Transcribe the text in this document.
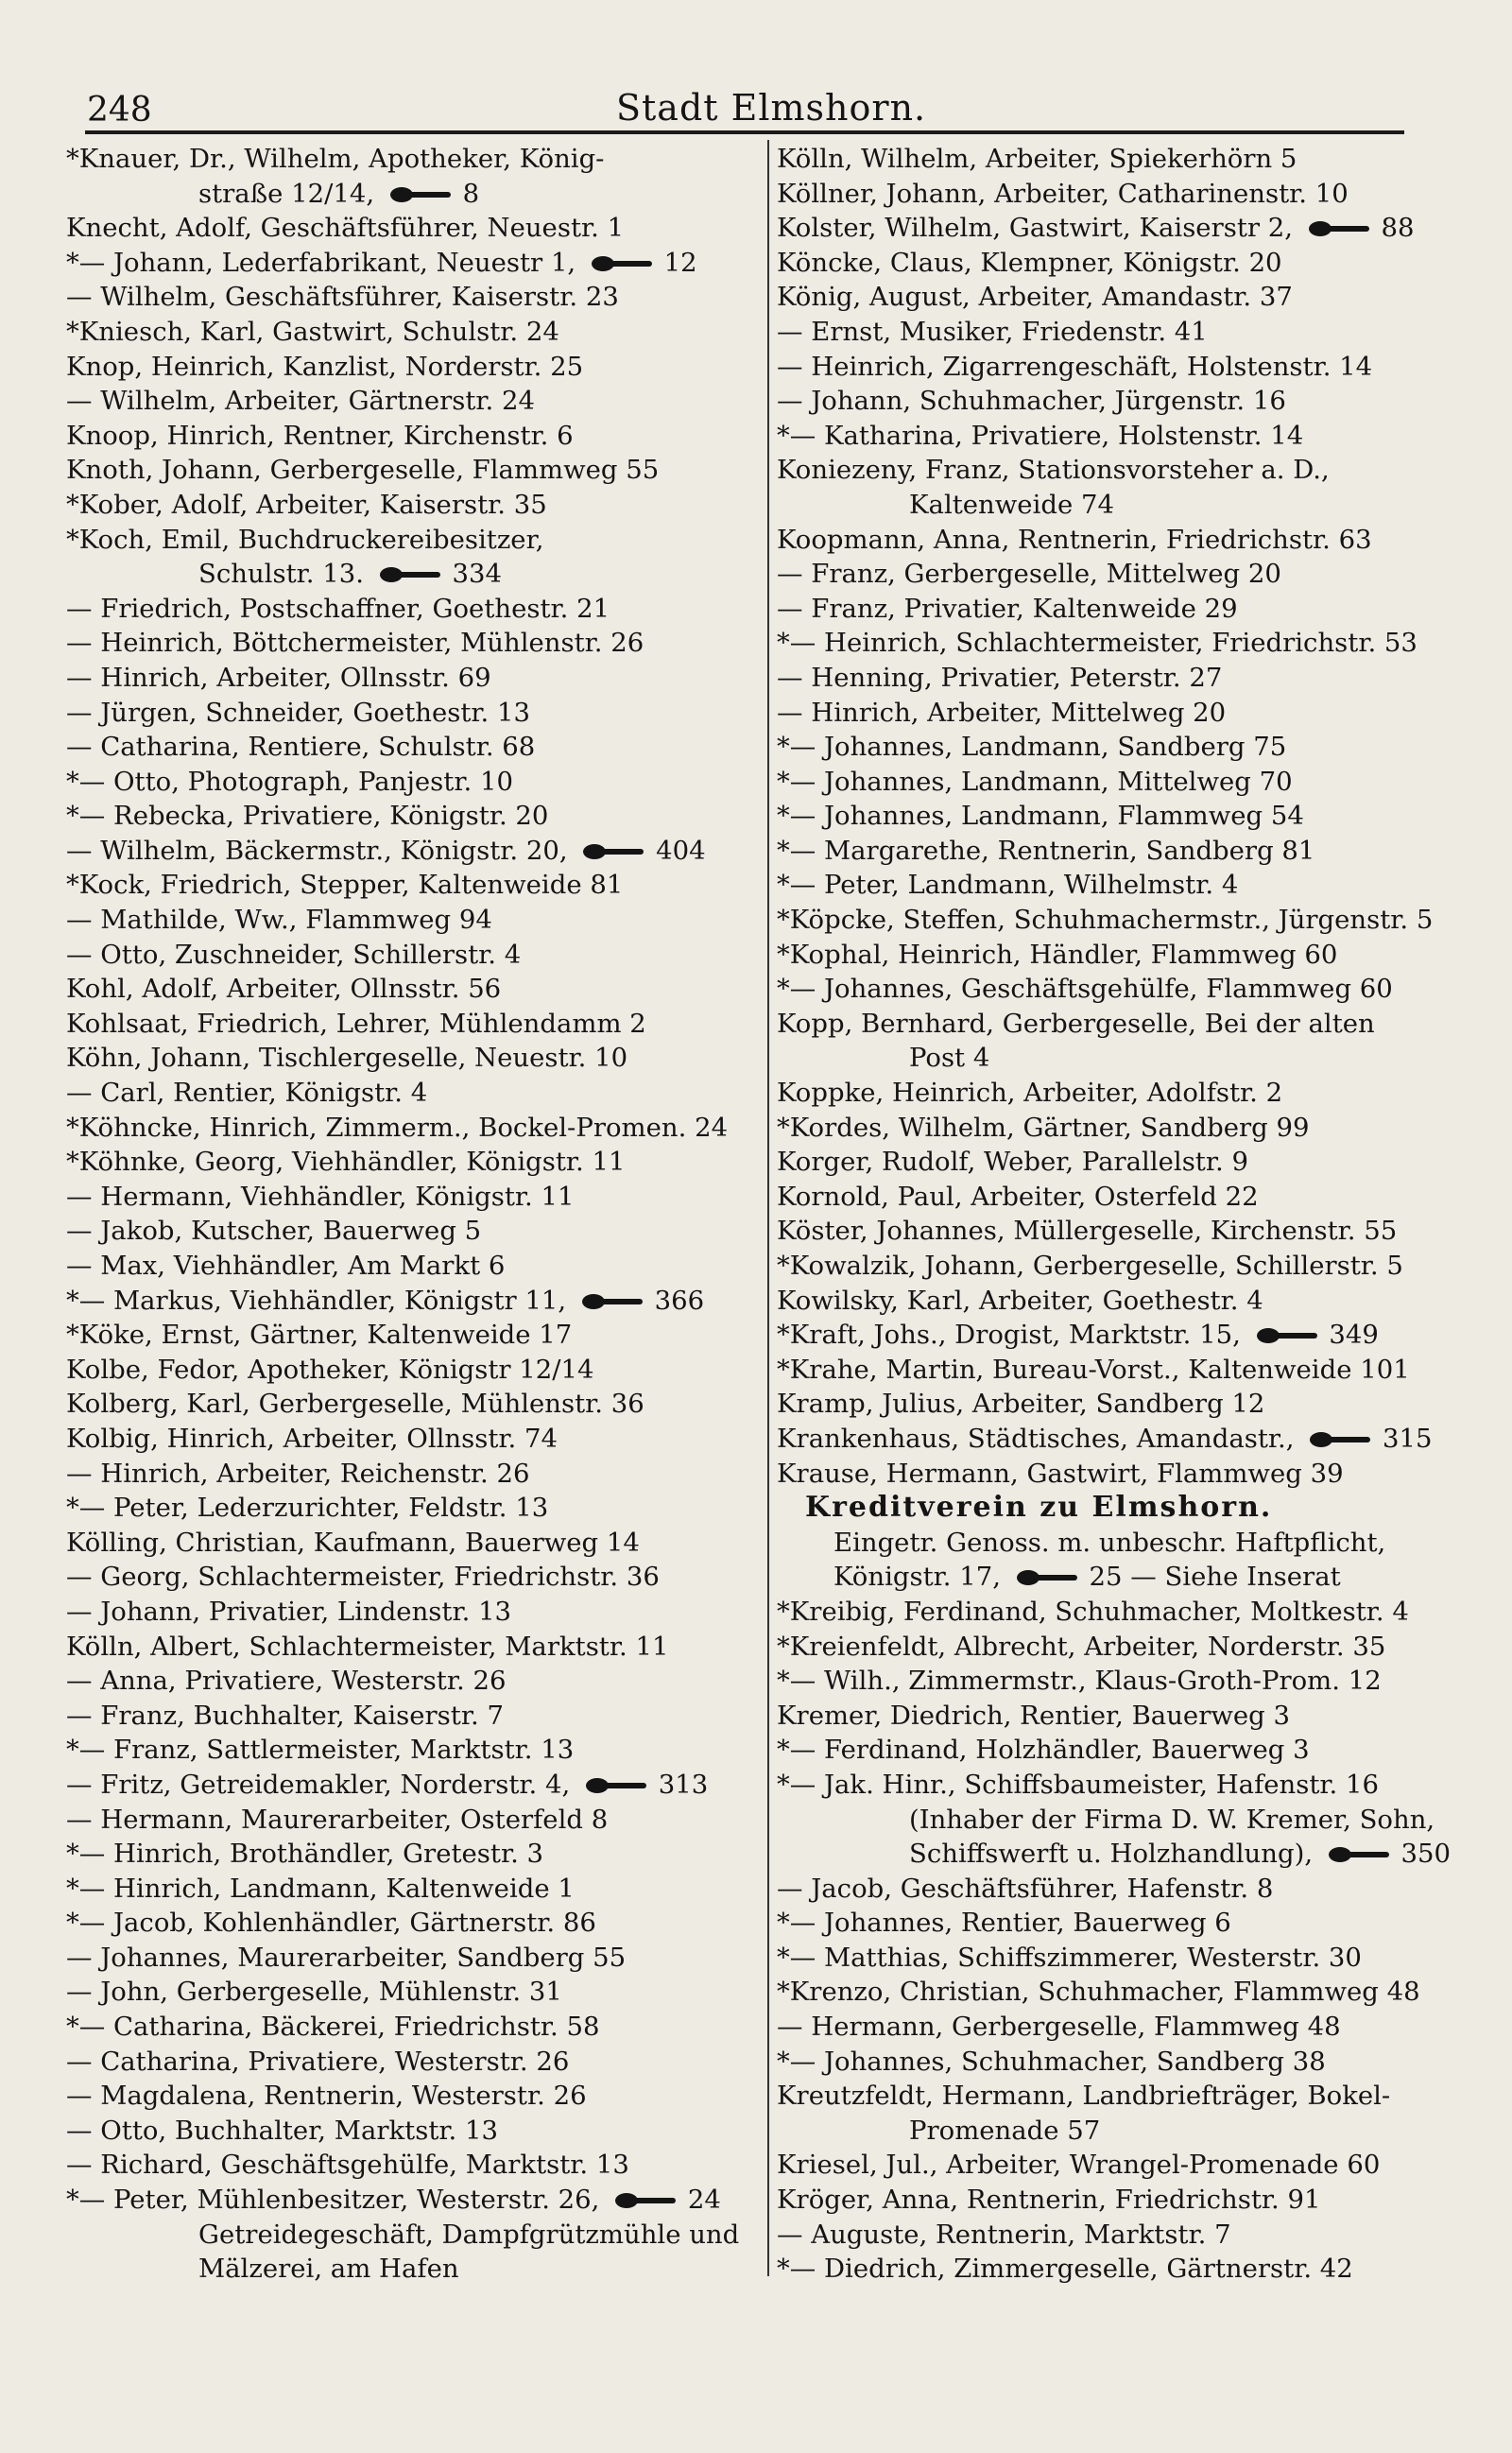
248	Stadt Elmshorn.
*Knauer, Dr., Wilhelm, Apotheker, König-
straße 12/14,	8
Knecht, Adolf, Geschäftsführer, Neuestr. 1
*— Johann, Lederfabrikant, Neuestr 1,	12
— Wilhelm, Geschäftsführer, Kaiserstr. 23
*Kniesch, Karl, Gastwirt, Schulstr. 24
Knop, Heinrich, Kanzlist, Norderstr. 25
— Wilhelm, Arbeiter, Gärtnerstr. 24
Knoop, Hinrich, Rentner, Kirchenstr. 6
Knoth, Johann, Gerbergeselle, Flammweg 55
*Kober, Adolf, Arbeiter, Kaiserstr. 35
*Koch, Emil, Buchdruckereibesitzer,
Schulstr. 13.	334
— Friedrich, Postschaffner, Goethestr. 21
— Heinrich, Böttchermeister, Mühlenstr. 26
— Hinrich, Arbeiter, Ollnsstr. 69
— Jürgen, Schneider, Goethestr. 13
— Catharina, Rentiere, Schulstr. 68
*— Otto, Photograph, Panjestr. 10
*— Rebecka, Privatiere, Königstr. 20
— Wilhelm, Bäckermstr., Königstr. 20,	404
*Kock, Friedrich, Stepper, Kaltenweide 81
— Mathilde, Ww., Flammweg 94
— Otto, Zuschneider, Schillerstr. 4
Kohl, Adolf, Arbeiter, Ollnsstr. 56
Kohlsaat, Friedrich, Lehrer, Mühlendamm 2
Köhn, Johann, Tischlergeselle, Neuestr. 10
— Carl, Rentier, Königstr. 4
*Köhncke, Hinrich, Zimmerm., Bockel-Promen. 24
*Köhnke, Georg, Viehhändler, Königstr. 11
— Hermann, Viehhändler, Königstr. 11
— Jakob, Kutscher, Bauerweg 5
— Max, Viehhändler, Am Markt 6
*— Markus, Viehhändler, Königstr 11,	366
*Köke, Ernst, Gärtner, Kaltenweide 17
Kolbe, Fedor, Apotheker, Königstr 12/14
Kolberg, Karl, Gerbergeselle, Mühlenstr. 36
Kolbig, Hinrich, Arbeiter, Ollnsstr. 74
— Hinrich, Arbeiter, Reichenstr. 26
*— Peter, Lederzurichter, Feldstr. 13
Kölling, Christian, Kaufmann, Bauerweg 14
— Georg, Schlachtermeister, Friedrichstr. 36
— Johann, Privatier, Lindenstr. 13
Kölln, Albert, Schlachtermeister, Marktstr. 11
— Anna, Privatiere, Westerstr. 26
— Franz, Buchhalter, Kaiserstr. 7
*— Franz, Sattlermeister, Marktstr. 13
— Fritz, Getreidemakler, Norderstr. 4,	313
— Hermann, Maurerarbeiter, Osterfeld 8
*— Hinrich, Brothändler, Gretestr. 3
*— Hinrich, Landmann, Kaltenweide 1
*— Jacob, Kohlenhändler, Gärtnerstr. 86
— Johannes, Maurerarbeiter, Sandberg 55
— John, Gerbergeselle, Mühlenstr. 31
*— Catharina, Bäckerei, Friedrichstr. 58
— Catharina, Privatiere, Westerstr. 26
— Magdalena, Rentnerin, Westerstr. 26
— Otto, Buchhalter, Marktstr. 13
— Richard, Geschäftsgehülfe, Marktstr. 13
*— Peter, Mühlenbesitzer, Westerstr. 26,	24
Getreidegeschäft, Dampfgrützmühle und
Mälzerei, am Hafen
Kölln, Wilhelm, Arbeiter, Spiekerhörn 5
Köllner, Johann, Arbeiter, Catharinenstr. 10
Kolster, Wilhelm, Gastwirt, Kaiserstr 2,	88
Köncke, Claus, Klempner, Königstr. 20
König, August, Arbeiter, Amandastr. 37
— Ernst, Musiker, Friedenstr. 41
— Heinrich, Zigarrengeschäft, Holstenstr. 14
— Johann, Schuhmacher, Jürgenstr. 16
*— Katharina, Privatiere, Holstenstr. 14
Koniezeny, Franz, Stationsvorsteher a. D.,
Kaltenweide 74
Koopmann, Anna, Rentnerin, Friedrichstr. 63
— Franz, Gerbergeselle, Mittelweg 20
— Franz, Privatier, Kaltenweide 29
*— Heinrich, Schlachtermeister, Friedrichstr. 53
— Henning, Privatier, Peterstr. 27
— Hinrich, Arbeiter, Mittelweg 20
*— Johannes, Landmann, Sandberg 75
*— Johannes, Landmann, Mittelweg 70
*— Johannes, Landmann, Flammweg 54
*— Margarethe, Rentnerin, Sandberg 81
*— Peter, Landmann, Wilhelmstr. 4
*Köpcke, Steffen, Schuhmachermstr., Jürgenstr. 5
*Kophal, Heinrich, Händler, Flammweg 60
*— Johannes, Geschäftsgehülfe, Flammweg 60
Kopp, Bernhard, Gerbergeselle, Bei der alten
Post 4
Koppke, Heinrich, Arbeiter, Adolfstr. 2
*Kordes, Wilhelm, Gärtner, Sandberg 99
Korger, Rudolf, Weber, Parallelstr. 9
Kornold, Paul, Arbeiter, Osterfeld 22
Köster, Johannes, Müllergeselle, Kirchenstr. 55
*Kowalzik, Johann, Gerbergeselle, Schillerstr. 5
Kowilsky, Karl, Arbeiter, Goethestr. 4
*Kraft, Johs., Drogist, Marktstr. 15,	349
*Krahe, Martin, Bureau-Vorst., Kaltenweide 101
Kramp, Julius, Arbeiter, Sandberg 12
Krankenhaus, Städtisches, Amandastr.,	315
Krause, Hermann, Gastwirt, Flammweg 39
Kreditverein zu Elmshorn.
Eingetr. Genoss. m. unbeschr. Haftpflicht,
Königstr. 17,	25 — Siehe Inserat
*Kreibig, Ferdinand, Schuhmacher, Moltkestr. 4
*Kreienfeldt, Albrecht, Arbeiter, Norderstr. 35
*— Wilh., Zimmermstr., Klaus-Groth-Prom. 12
Kremer, Diedrich, Rentier, Bauerweg 3
*— Ferdinand, Holzhändler, Bauerweg 3
*— Jak. Hinr., Schiffsbaumeister, Hafenstr. 16
(Inhaber der Firma D. W. Kremer, Sohn,
Schiffswerft u. Holzhandlung),	350
— Jacob, Geschäftsführer, Hafenstr. 8
*— Johannes, Rentier, Bauerweg 6
*— Matthias, Schiffszimmerer, Westerstr. 30
*Krenzo, Christian, Schuhmacher, Flammweg 48
— Hermann, Gerbergeselle, Flammweg 48
*— Johannes, Schuhmacher, Sandberg 38
Kreutzfeldt, Hermann, Landbriefträger, Bokel-
Promenade 57
Kriesel, Jul., Arbeiter, Wrangel-Promenade 60
Kröger, Anna, Rentnerin, Friedrichstr. 91
— Auguste, Rentnerin, Marktstr. 7
*— Diedrich, Zimmergeselle, Gärtnerstr. 42
